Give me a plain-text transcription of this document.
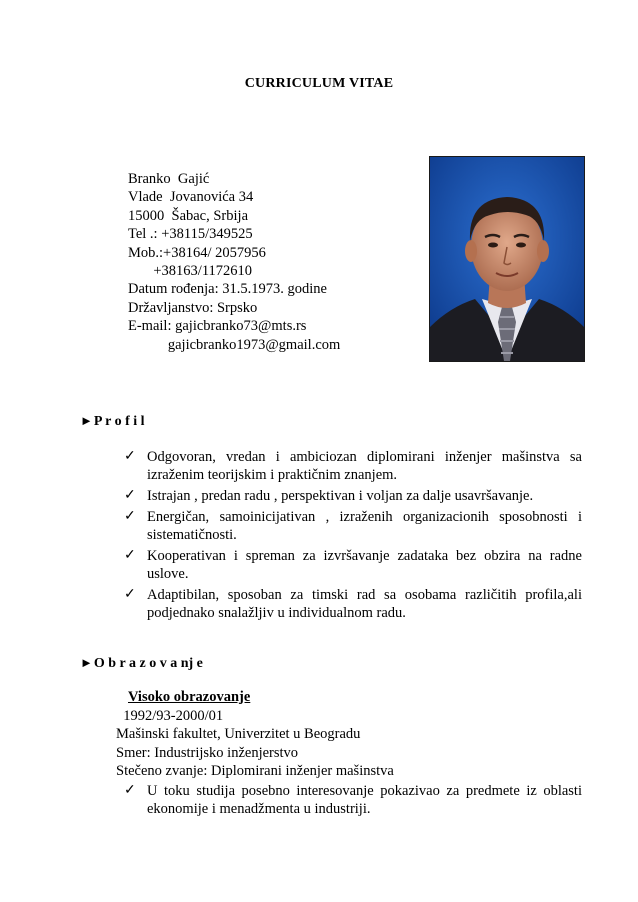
CURRICULUM VITAE
Branko  Gajić
Vlade  Jovanovića 34
15000  Šabac, Srbija
Tel .: +38115/349525
Mob.:+38164/ 2057956
+38163/1172610
Datum rođenja: 31.5.1973. godine
Državljanstvo: Srpsko
E-mail: gajicbranko73@mts.rs
gajicbranko1973@gmail.com
►P r o f i l
✓ Odgovoran, vredan i ambiciozan diplomirani inženjer mašinstva sa izraženim teorijskim i praktičnim znanjem.
✓ Istrajan , predan radu , perspektivan i voljan za dalje usavršavanje.
✓ Energičan, samoinicijativan , izraženih organizacionih sposobnosti i sistematičnosti.
✓ Kooperativan i spreman za izvršavanje zadataka bez obzira na radne uslove.
✓ Adaptibilan, sposoban za timski rad sa osobama različitih profila,ali podjednako snalažljiv u individualnom radu.
►O b r a z o v a nj e
Visoko obrazovanje
1992/93-2000/01
Mašinski fakultet, Univerzitet u Beogradu
Smer: Industrijsko inženjerstvo
Stečeno zvanje: Diplomirani inženjer mašinstva
✓ U toku studija posebno interesovanje pokazivao za predmete iz oblasti ekonomije i menadžmenta u industriji.
